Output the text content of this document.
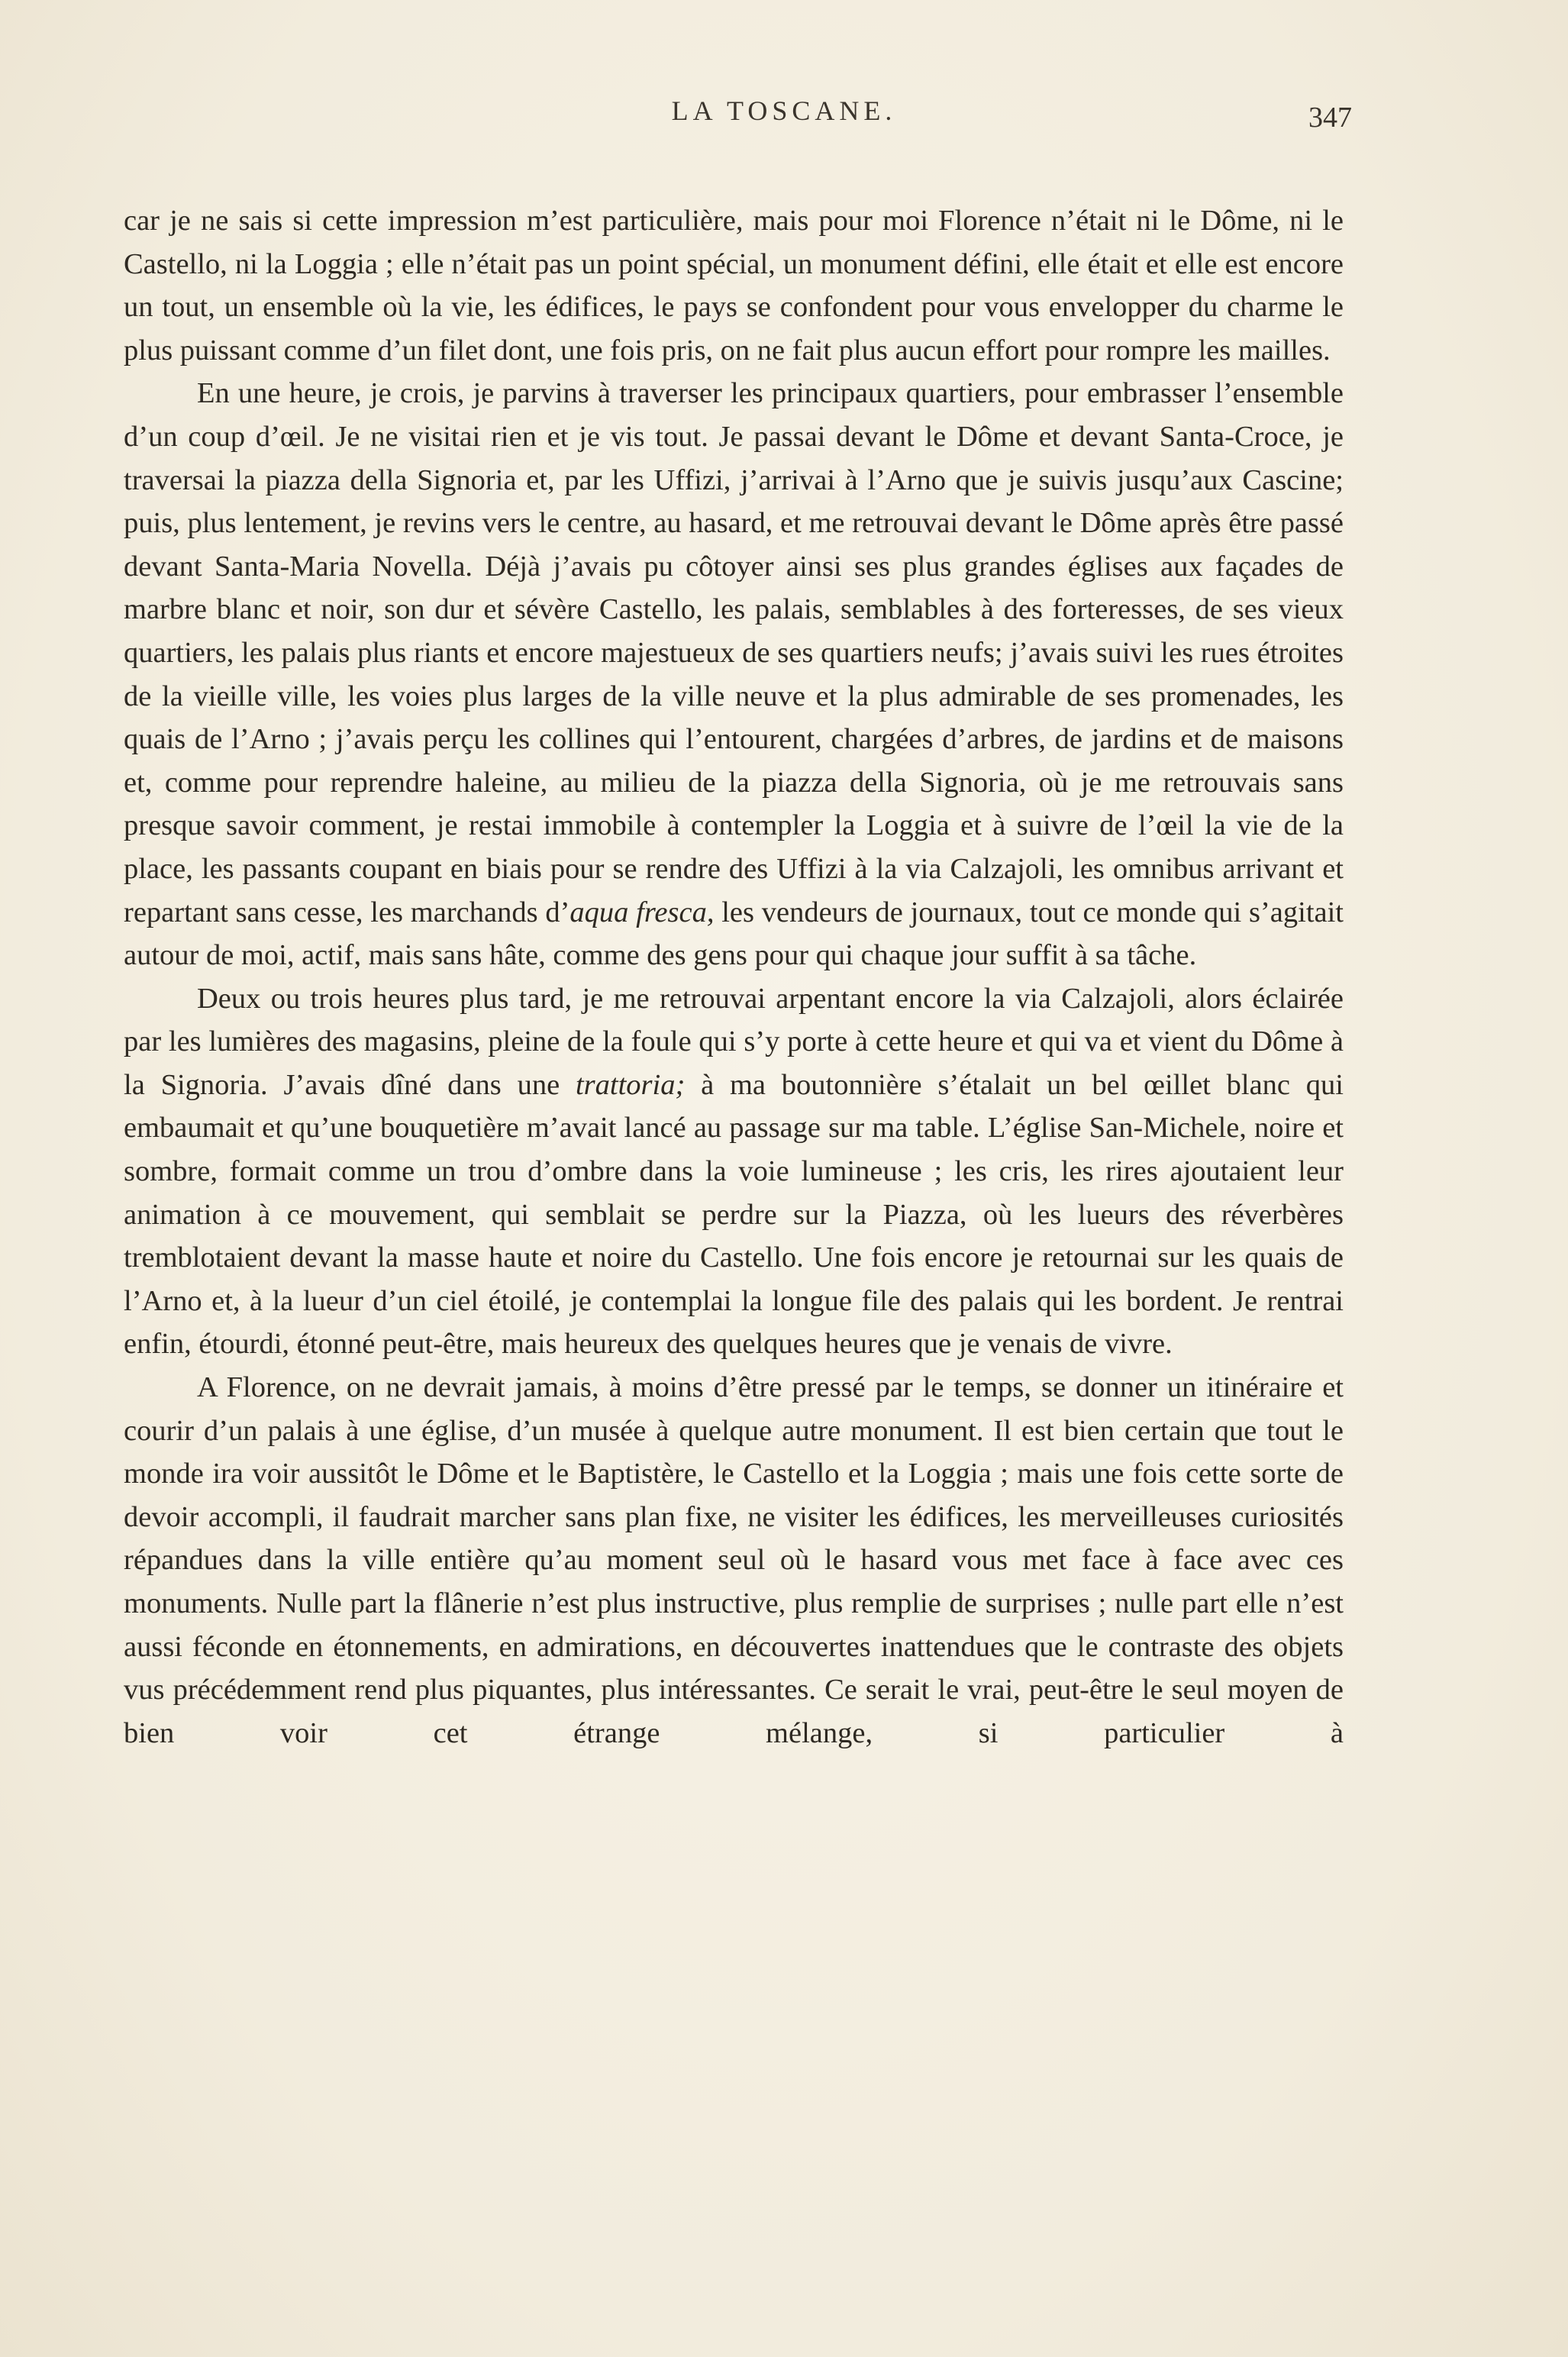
LA TOSCANE.	347

car je ne sais si cette impression m’est particulière, mais pour moi Florence n’était ni le Dôme, ni le Castello, ni la Loggia ; elle n’était pas un point spécial, un monument défini, elle était et elle est encore un tout, un ensemble où la vie, les édifices, le pays se confondent pour vous envelopper du charme le plus puissant comme d’un filet dont, une fois pris, on ne fait plus aucun effort pour rompre les mailles.

En une heure, je crois, je parvins à traverser les principaux quartiers, pour embrasser l’ensemble d’un coup d’œil. Je ne visitai rien et je vis tout. Je passai devant le Dôme et devant Santa-Croce, je traversai la piazza della Signoria et, par les Uffizi, j’arrivai à l’Arno que je suivis jusqu’aux Cascine; puis, plus lentement, je revins vers le centre, au hasard, et me retrouvai devant le Dôme après être passé devant Santa-Maria Novella. Déjà j’avais pu côtoyer ainsi ses plus grandes églises aux façades de marbre blanc et noir, son dur et sévère Castello, les palais, semblables à des forteresses, de ses vieux quartiers, les palais plus riants et encore majestueux de ses quartiers neufs; j’avais suivi les rues étroites de la vieille ville, les voies plus larges de la ville neuve et la plus admirable de ses promenades, les quais de l’Arno ; j’avais perçu les collines qui l’entourent, chargées d’arbres, de jardins et de maisons et, comme pour reprendre haleine, au milieu de la piazza della Signoria, où je me retrouvais sans presque savoir comment, je restai immobile à contempler la Loggia et à suivre de l’œil la vie de la place, les passants coupant en biais pour se rendre des Uffizi à la via Calzajoli, les omnibus arrivant et repartant sans cesse, les marchands d’aqua fresca, les vendeurs de journaux, tout ce monde qui s’agitait autour de moi, actif, mais sans hâte, comme des gens pour qui chaque jour suffit à sa tâche.

Deux ou trois heures plus tard, je me retrouvai arpentant encore la via Calzajoli, alors éclairée par les lumières des magasins, pleine de la foule qui s’y porte à cette heure et qui va et vient du Dôme à la Signoria. J’avais dîné dans une trattoria; à ma boutonnière s’étalait un bel œillet blanc qui embaumait et qu’une bouquetière m’avait lancé au passage sur ma table. L’église San-Michele, noire et sombre, formait comme un trou d’ombre dans la voie lumineuse ; les cris, les rires ajoutaient leur animation à ce mouvement, qui semblait se perdre sur la Piazza, où les lueurs des réverbères tremblotaient devant la masse haute et noire du Castello. Une fois encore je retournai sur les quais de l’Arno et, à la lueur d’un ciel étoilé, je contemplai la longue file des palais qui les bordent. Je rentrai enfin, étourdi, étonné peut-être, mais heureux des quelques heures que je venais de vivre.

A Florence, on ne devrait jamais, à moins d’être pressé par le temps, se donner un itinéraire et courir d’un palais à une église, d’un musée à quelque autre monument. Il est bien certain que tout le monde ira voir aussitôt le Dôme et le Baptistère, le Castello et la Loggia ; mais une fois cette sorte de devoir accompli, il faudrait marcher sans plan fixe, ne visiter les édifices, les merveilleuses curiosités répandues dans la ville entière qu’au moment seul où le hasard vous met face à face avec ces monuments. Nulle part la flânerie n’est plus instructive, plus remplie de surprises ; nulle part elle n’est aussi féconde en étonnements, en admirations, en découvertes inattendues que le contraste des objets vus précédemment rend plus piquantes, plus intéressantes. Ce serait le vrai, peut-être le seul moyen de bien voir cet étrange mélange, si particulier à
